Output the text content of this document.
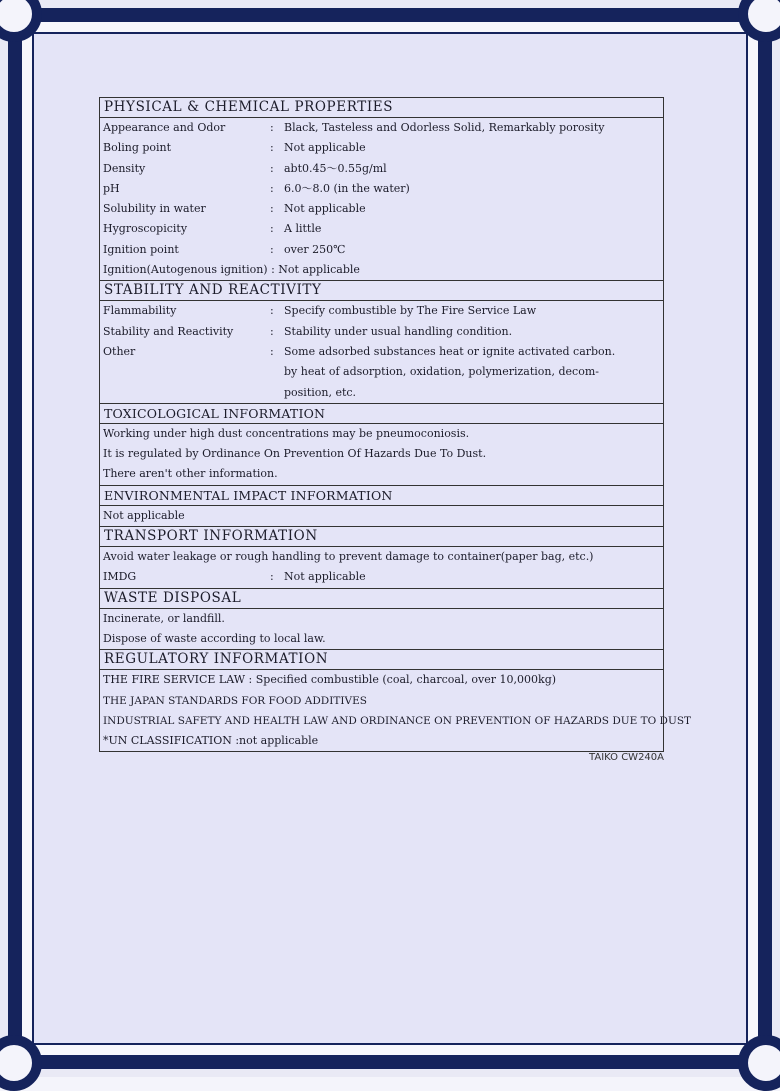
PHYSICAL & CHEMICAL PROPERTIES
Appearance and Odor	: Black, Tasteless and Odorless Solid, Remarkably porosity
Boling point	: Not applicable
Density	: abt0.45～0.55g/ml
pH	: 6.0～8.0 (in the water)
Solubility in water	: Not applicable
Hygroscopicity	: A little
Ignition point	: over 250℃
Ignition(Autogenous ignition) : Not applicable
STABILITY AND REACTIVITY
Flammability	: Specify combustible by The Fire Service Law
Stability and Reactivity	: Stability under usual handling condition.
Other	: Some adsorbed substances heat or ignite activated carbon.
by heat of adsorption, oxidation, polymerization, decom-
position, etc.
TOXICOLOGICAL INFORMATION
Working under high dust concentrations may be pneumoconiosis.
It is regulated by Ordinance On Prevention Of Hazards Due To Dust.
There aren't other information.
ENVIRONMENTAL IMPACT INFORMATION
Not applicable
TRANSPORT INFORMATION
Avoid water leakage or rough handling to prevent damage to container(paper bag, etc.)
IMDG	: Not applicable
WASTE DISPOSAL
Incinerate, or landfill.
Dispose of waste according to local law.
REGULATORY INFORMATION
THE FIRE SERVICE LAW : Specified combustible (coal, charcoal, over 10,000kg)
THE JAPAN STANDARDS FOR FOOD ADDITIVES
INDUSTRIAL SAFETY AND HEALTH LAW AND ORDINANCE ON PREVENTION OF HAZARDS DUE TO DUST
*UN CLASSIFICATION :not applicable
TAIKO CW240A
